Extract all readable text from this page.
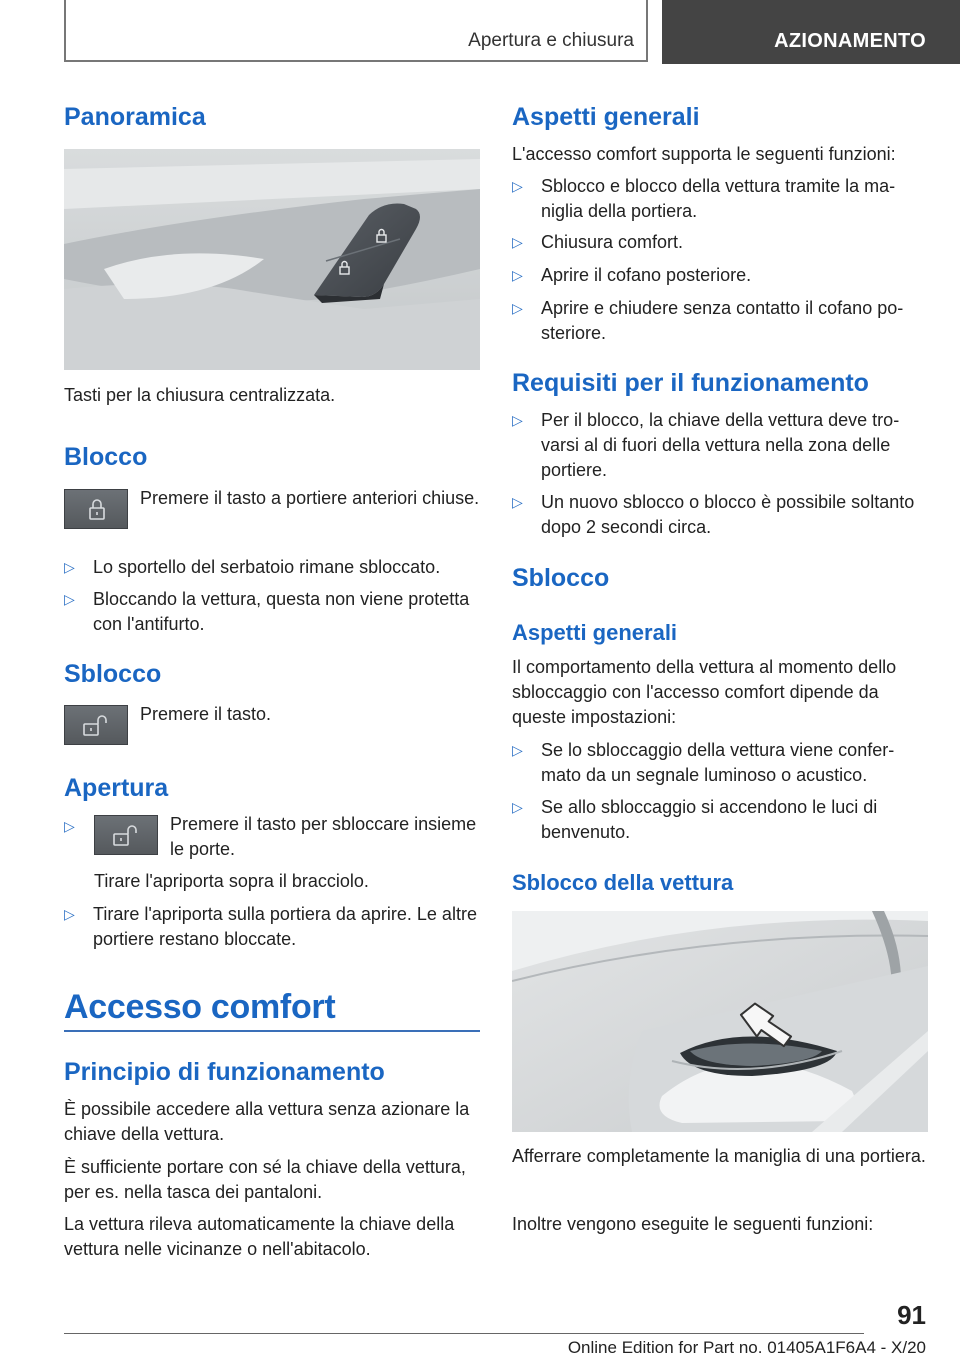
Apertura e chiusura	AZIONAMENTO
Panoramica
Tasti per la chiusura centralizzata.
Blocco
Premere il tasto a portiere anteriori chiuse.
▷ Lo sportello del serbatoio rimane sbloccato.
▷ Bloccando la vettura, questa non viene protetta con l'antifurto.
Sblocco
Premere il tasto.
Apertura
▷
Premere il tasto per sbloccare insieme le porte.
Tirare l'apriporta sopra il bracciolo.
▷ Tirare l'apriporta sulla portiera da aprire. Le altre portiere restano bloccate.
Accesso comfort
Principio di funzionamento
È possibile accedere alla vettura senza azionare la chiave della vettura.
È sufficiente portare con sé la chiave della vettura, per es. nella tasca dei pantaloni.
La vettura rileva automaticamente la chiave della vettura nelle vicinanze o nell'abitacolo.
Aspetti generali
L'accesso comfort supporta le seguenti funzioni:
▷ Sblocco e blocco della vettura tramite la maniglia della portiera.
▷ Chiusura comfort.
▷ Aprire il cofano posteriore.
▷ Aprire e chiudere senza contatto il cofano posteriore.
Requisiti per il funzionamento
▷ Per il blocco, la chiave della vettura deve trovarsi al di fuori della vettura nella zona delle portiere.
▷ Un nuovo sblocco o blocco è possibile soltanto dopo 2 secondi circa.
Sblocco
Aspetti generali
Il comportamento della vettura al momento dello sbloccaggio con l'accesso comfort dipende da queste impostazioni:
▷ Se lo sbloccaggio della vettura viene confermato da un segnale luminoso o acustico.
▷ Se allo sbloccaggio si accendono le luci di benvenuto.
Sblocco della vettura
Afferrare completamente la maniglia di una portiera.
Inoltre vengono eseguite le seguenti funzioni:
91
Online Edition for Part no. 01405A1F6A4 - X/20
